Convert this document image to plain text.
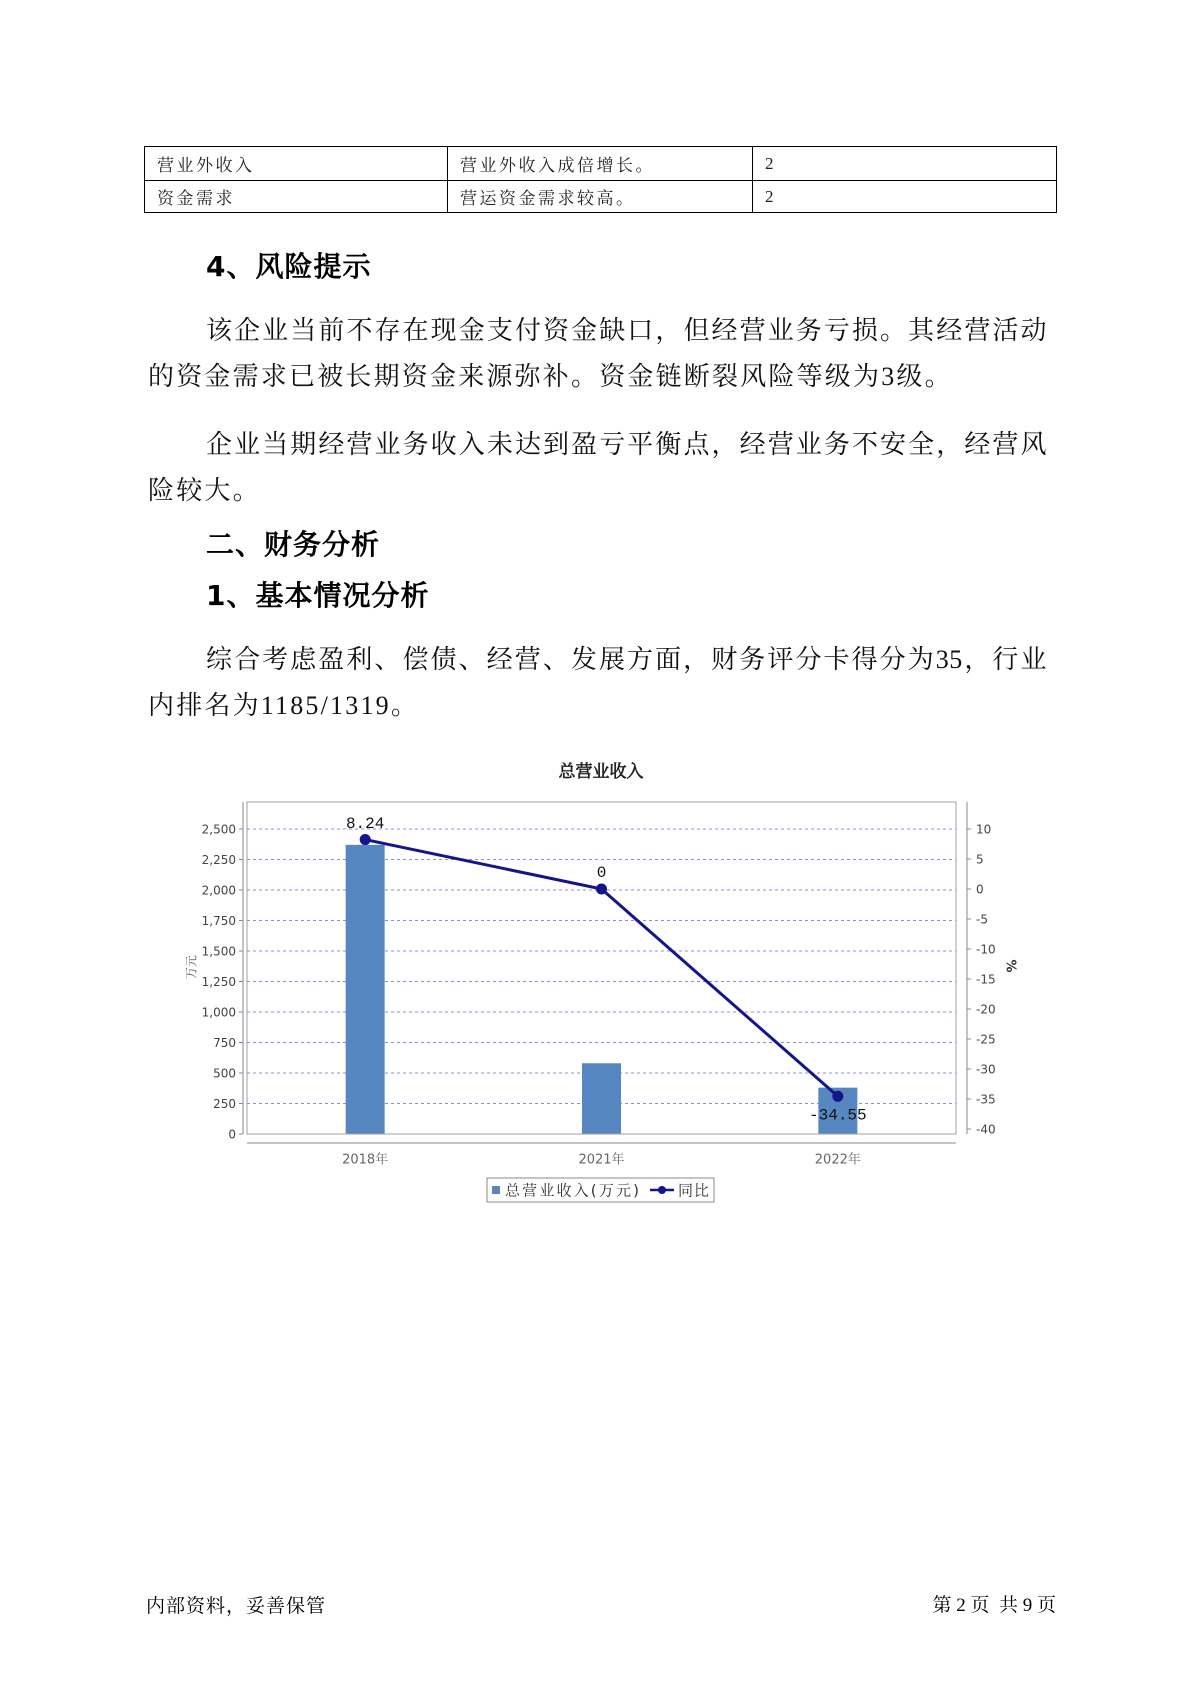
营业外收入	营业外收入成倍增长。	2
资金需求	营运资金需求较高。	2
4、风险提示
该企业当前不存在现金支付资金缺口，但经营业务亏损。其经营活动
的资金需求已被长期资金来源弥补。资金链断裂风险等级为3级。
企业当期经营业务收入未达到盈亏平衡点，经营业务不安全，经营风
险较大。
二、财务分析
1、基本情况分析
综合考虑盈利、偿债、经营、发展方面，财务评分卡得分为35，行业
内排名为1185/1319。
总营业收入
0
250
500
750
1,000
1,250
1,500
1,750
2,000
2,250
2,500
-40
-35
-30
-25
-20
-15
-10
-5
0
5
10
2018年	2021年	2022年
8.24
0
-34.55
万元	%
总营业收入(万元)	同比
内部资料，妥善保管	第 2 页  共 9 页
